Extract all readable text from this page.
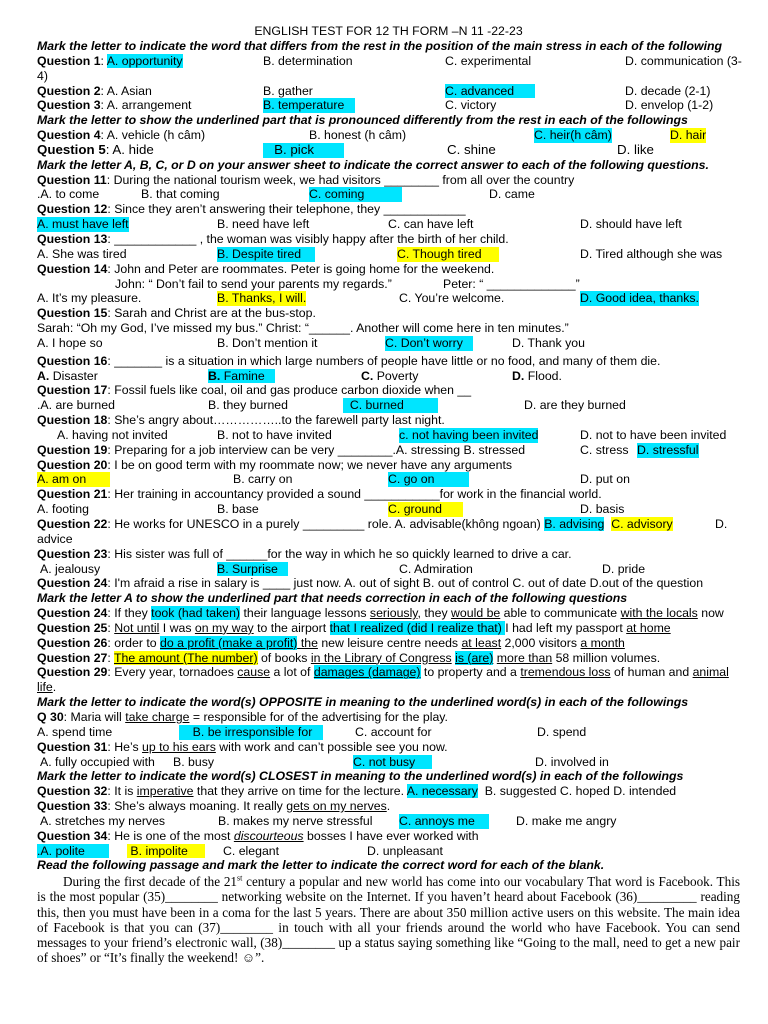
ENGLISH TEST FOR 12 TH FORM –N 11 -22-23
Mark the letter to indicate the word that differs from the rest in the position of the main stress in each of the following
Question 1: A. opportunity	B. determination	C. experimental	D. communication (3-
4)
Question 2: A. Asian	B. gather	C. advanced	D. decade (2-1)
Question 3: A. arrangement	B. temperature	C. victory	D. envelop (1-2)
Mark the letter to show the underlined part that is pronounced differently from the rest in each of the followings
Question 4: A. vehicle (h câm)	B. honest (h câm)	C. heir(h câm)	D. hair
Question 5: A. hide	B. pick	C. shine	D. like
Mark the letter A, B, C, or D on your answer sheet to indicate the correct answer to each of the following questions.
Question 11: During the national tourism week, we had visitors ________ from all over the country
.A. to come	B. that coming	C. coming	D. came
Question 12: Since they aren’t answering their telephone, they ____________
A. must have left	B. need have left	C. can have left	D. should have left
Question 13: ____________ , the woman was visibly happy after the birth of her child.
A. She was tired	B. Despite tired	C. Though tired	D. Tired although she was
Question 14: John and Peter are roommates. Peter is going home for the weekend.
John: “ Don’t fail to send your parents my regards.”	Peter: “ _____________”
A. It’s my pleasure.	B. Thanks, I will.	C. You’re welcome.	D. Good idea, thanks.
Question 15: Sarah and Christ are at the bus-stop.
Sarah: “Oh my God, I’ve missed my bus.” Christ: “______. Another will come here in ten minutes.”
A. I hope so	B. Don’t mention it	C. Don’t worry	D. Thank you
Question 16: _______ is a situation in which large numbers of people have little or no food, and many of them die.
A. Disaster	B. Famine	C. Poverty	D. Flood.
Question 17: Fossil fuels like coal, oil and gas produce carbon dioxide when __
.A. are burned	B. they burned	C. burned	D. are they burned
Question 18: She’s angry about……………..to the farewell party last night.
A. having not invited	B. not to have invited	c. not having been invited	D. not to have been invited
Question 19: Preparing for a job interview can be very ________.A. stressing B. stressed	C. stress D. stressful
Question 20: I be on good term with my roommate now; we never have any arguments
A. am on	B. carry on	C. go on	D. put on
Question 21: Her training in accountancy provided a sound ___________for work in the financial world.
A. footing	B. base	C. ground	D. basis
Question 22: He works for UNESCO in a purely _________ role. A. advisable(không ngoan) B. advising C. advisory	D.
advice
Question 23: His sister was full of ______for the way in which he so quickly learned to drive a car.
A. jealousy	B. Surprise	C. Admiration	D. pride
Question 24: I'm afraid a rise in salary is ____ just now. A. out of sight B. out of control C. out of date D.out of the question
Mark the letter A to show the underlined part that needs correction in each of the following questions
Question 24: If they took (had taken) their language lessons seriously, they would be able to communicate with the locals now
Question 25: Not until I was on my way to the airport that I realized (did I realize that) I had left my passport at home
Question 26: order to do a profit (make a profit) the new leisure centre needs at least 2,000 visitors a month
Question 27: The amount (The number) of books in the Library of Congress is (are) more than 58 million volumes.
Question 29: Every year, tornadoes cause a lot of damages (damage) to property and a tremendous loss of human and animal
life.
Mark the letter to indicate the word(s) OPPOSITE in meaning to the underlined word(s) in each of the followings
Q 30: Maria will take charge = responsible for of the advertising for the play.
A. spend time	B. be irresponsible for	C. account for	D. spend
Question 31: He’s up to his ears with work and can’t possible see you now.
A. fully occupied with B. busy	C. not busy	D. involved in
Mark the letter to indicate the word(s) CLOSEST in meaning to the underlined word(s) in each of the followings
Question 32: It is imperative that they arrive on time for the lecture. A. necessary B. suggested C. hoped D. intended
Question 33: She’s always moaning. It really gets on my nerves.
A. stretches my nerves	B. makes my nerve stressful C. annoys me	D. make me angry
Question 34: He is one of the most discourteous bosses I have ever worked with
.A. polite	B. impolite	C. elegant	D. unpleasant
Read the following passage and mark the letter to indicate the correct word for each of the blank.
During the first decade of the 21st century a popular and new world has come into our vocabulary That word is Facebook. This is the most popular (35)________ networking website on the Internet. If you haven’t heard about Facebook (36)_________ reading this, then you must have been in a coma for the last 5 years. There are about 350 million active users on this website. The main idea of Facebook is that you can (37)________ in touch with all your friends around the world who have Facebook. You can send messages to your friend’s electronic wall, (38)________ up a status saying something like “Going to the mall, need to get a new pair of shoes” or “It’s finally the weekend! ☺”.
